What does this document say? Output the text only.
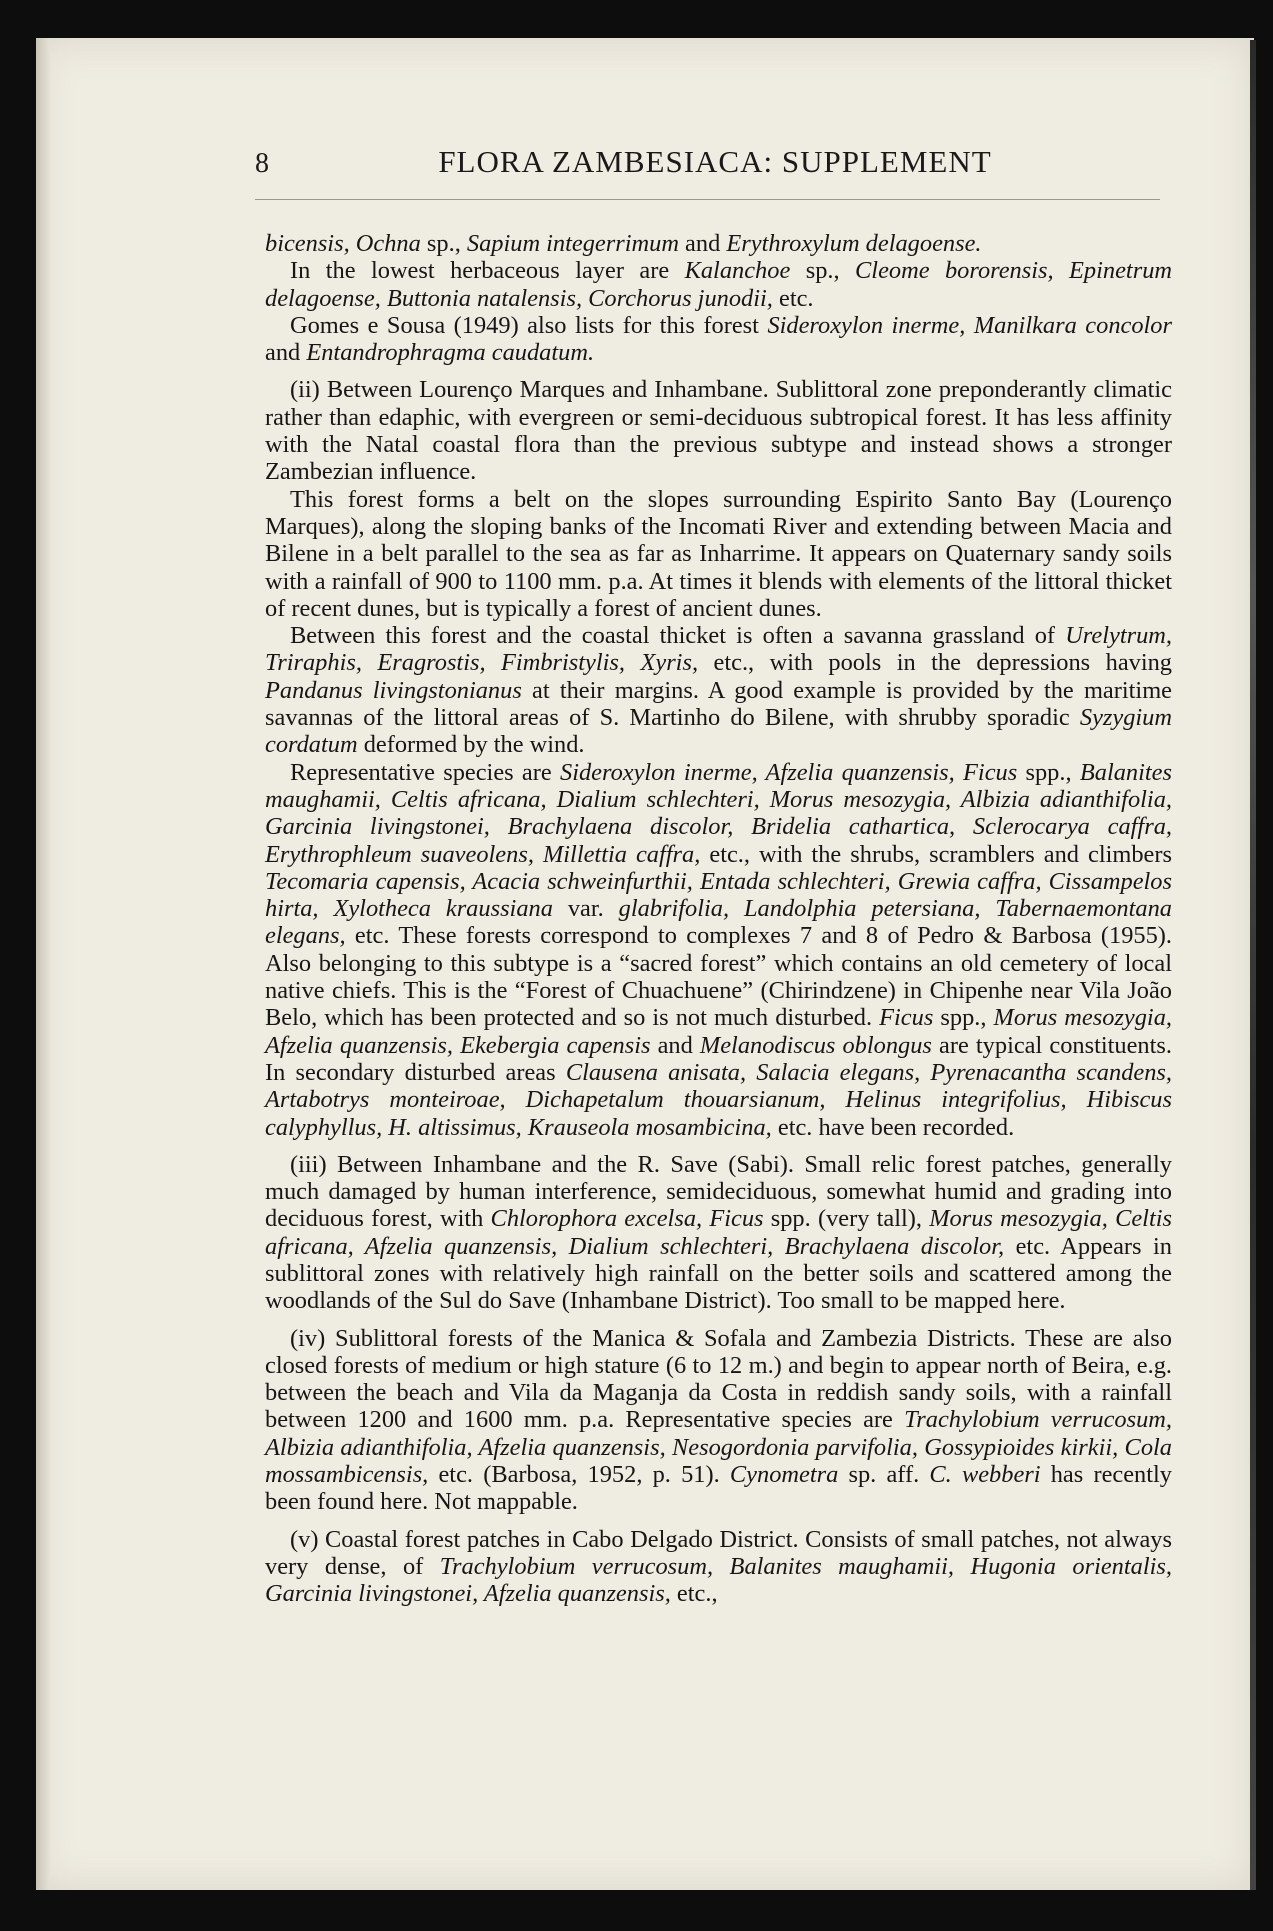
8	FLORA ZAMBESIACA: SUPPLEMENT

bicensis, Ochna sp., Sapium integerrimum and Erythroxylum delagoense.

In the lowest herbaceous layer are Kalanchoe sp., Cleome bororensis, Epinetrum delagoense, Buttonia natalensis, Corchorus junodii, etc.

Gomes e Sousa (1949) also lists for this forest Sideroxylon inerme, Manilkara concolor and Entandrophragma caudatum.

(ii) Between Lourenço Marques and Inhambane. Sublittoral zone preponderantly climatic rather than edaphic, with evergreen or semi-deciduous subtropical forest. It has less affinity with the Natal coastal flora than the previous subtype and instead shows a stronger Zambezian influence.

This forest forms a belt on the slopes surrounding Espirito Santo Bay (Lourenço Marques), along the sloping banks of the Incomati River and extending between Macia and Bilene in a belt parallel to the sea as far as Inharrime. It appears on Quaternary sandy soils with a rainfall of 900 to 1100 mm. p.a. At times it blends with elements of the littoral thicket of recent dunes, but is typically a forest of ancient dunes.

Between this forest and the coastal thicket is often a savanna grassland of Urelytrum, Triraphis, Eragrostis, Fimbristylis, Xyris, etc., with pools in the depressions having Pandanus livingstonianus at their margins. A good example is provided by the maritime savannas of the littoral areas of S. Martinho do Bilene, with shrubby sporadic Syzygium cordatum deformed by the wind.

Representative species are Sideroxylon inerme, Afzelia quanzensis, Ficus spp., Balanites maughamii, Celtis africana, Dialium schlechteri, Morus mesozygia, Albizia adianthifolia, Garcinia livingstonei, Brachylaena discolor, Bridelia cathartica, Sclerocarya caffra, Erythrophleum suaveolens, Millettia caffra, etc., with the shrubs, scramblers and climbers Tecomaria capensis, Acacia schweinfurthii, Entada schlechteri, Grewia caffra, Cissampelos hirta, Xylotheca kraussiana var. glabrifolia, Landolphia petersiana, Tabernaemontana elegans, etc. These forests correspond to complexes 7 and 8 of Pedro & Barbosa (1955). Also belonging to this subtype is a “sacred forest” which contains an old cemetery of local native chiefs. This is the “Forest of Chuachuene” (Chirindzene) in Chipenhe near Vila João Belo, which has been protected and so is not much disturbed. Ficus spp., Morus mesozygia, Afzelia quanzensis, Ekebergia capensis and Melanodiscus oblongus are typical constituents. In secondary disturbed areas Clausena anisata, Salacia elegans, Pyrenacantha scandens, Artabotrys monteiroae, Dichapetalum thouarsianum, Helinus integrifolius, Hibiscus calyphyllus, H. altissimus, Krauseola mosambicina, etc. have been recorded.

(iii) Between Inhambane and the R. Save (Sabi). Small relic forest patches, generally much damaged by human interference, semideciduous, somewhat humid and grading into deciduous forest, with Chlorophora excelsa, Ficus spp. (very tall), Morus mesozygia, Celtis africana, Afzelia quanzensis, Dialium schlechteri, Brachylaena discolor, etc. Appears in sublittoral zones with relatively high rainfall on the better soils and scattered among the woodlands of the Sul do Save (Inhambane District). Too small to be mapped here.

(iv) Sublittoral forests of the Manica & Sofala and Zambezia Districts. These are also closed forests of medium or high stature (6 to 12 m.) and begin to appear north of Beira, e.g. between the beach and Vila da Maganja da Costa in reddish sandy soils, with a rainfall between 1200 and 1600 mm. p.a. Representative species are Trachylobium verrucosum, Albizia adianthifolia, Afzelia quanzensis, Nesogordonia parvifolia, Gossypioides kirkii, Cola mossambicensis, etc. (Barbosa, 1952, p. 51). Cynometra sp. aff. C. webberi has recently been found here. Not mappable.

(v) Coastal forest patches in Cabo Delgado District. Consists of small patches, not always very dense, of Trachylobium verrucosum, Balanites maughamii, Hugonia orientalis, Garcinia livingstonei, Afzelia quanzensis, etc.,
